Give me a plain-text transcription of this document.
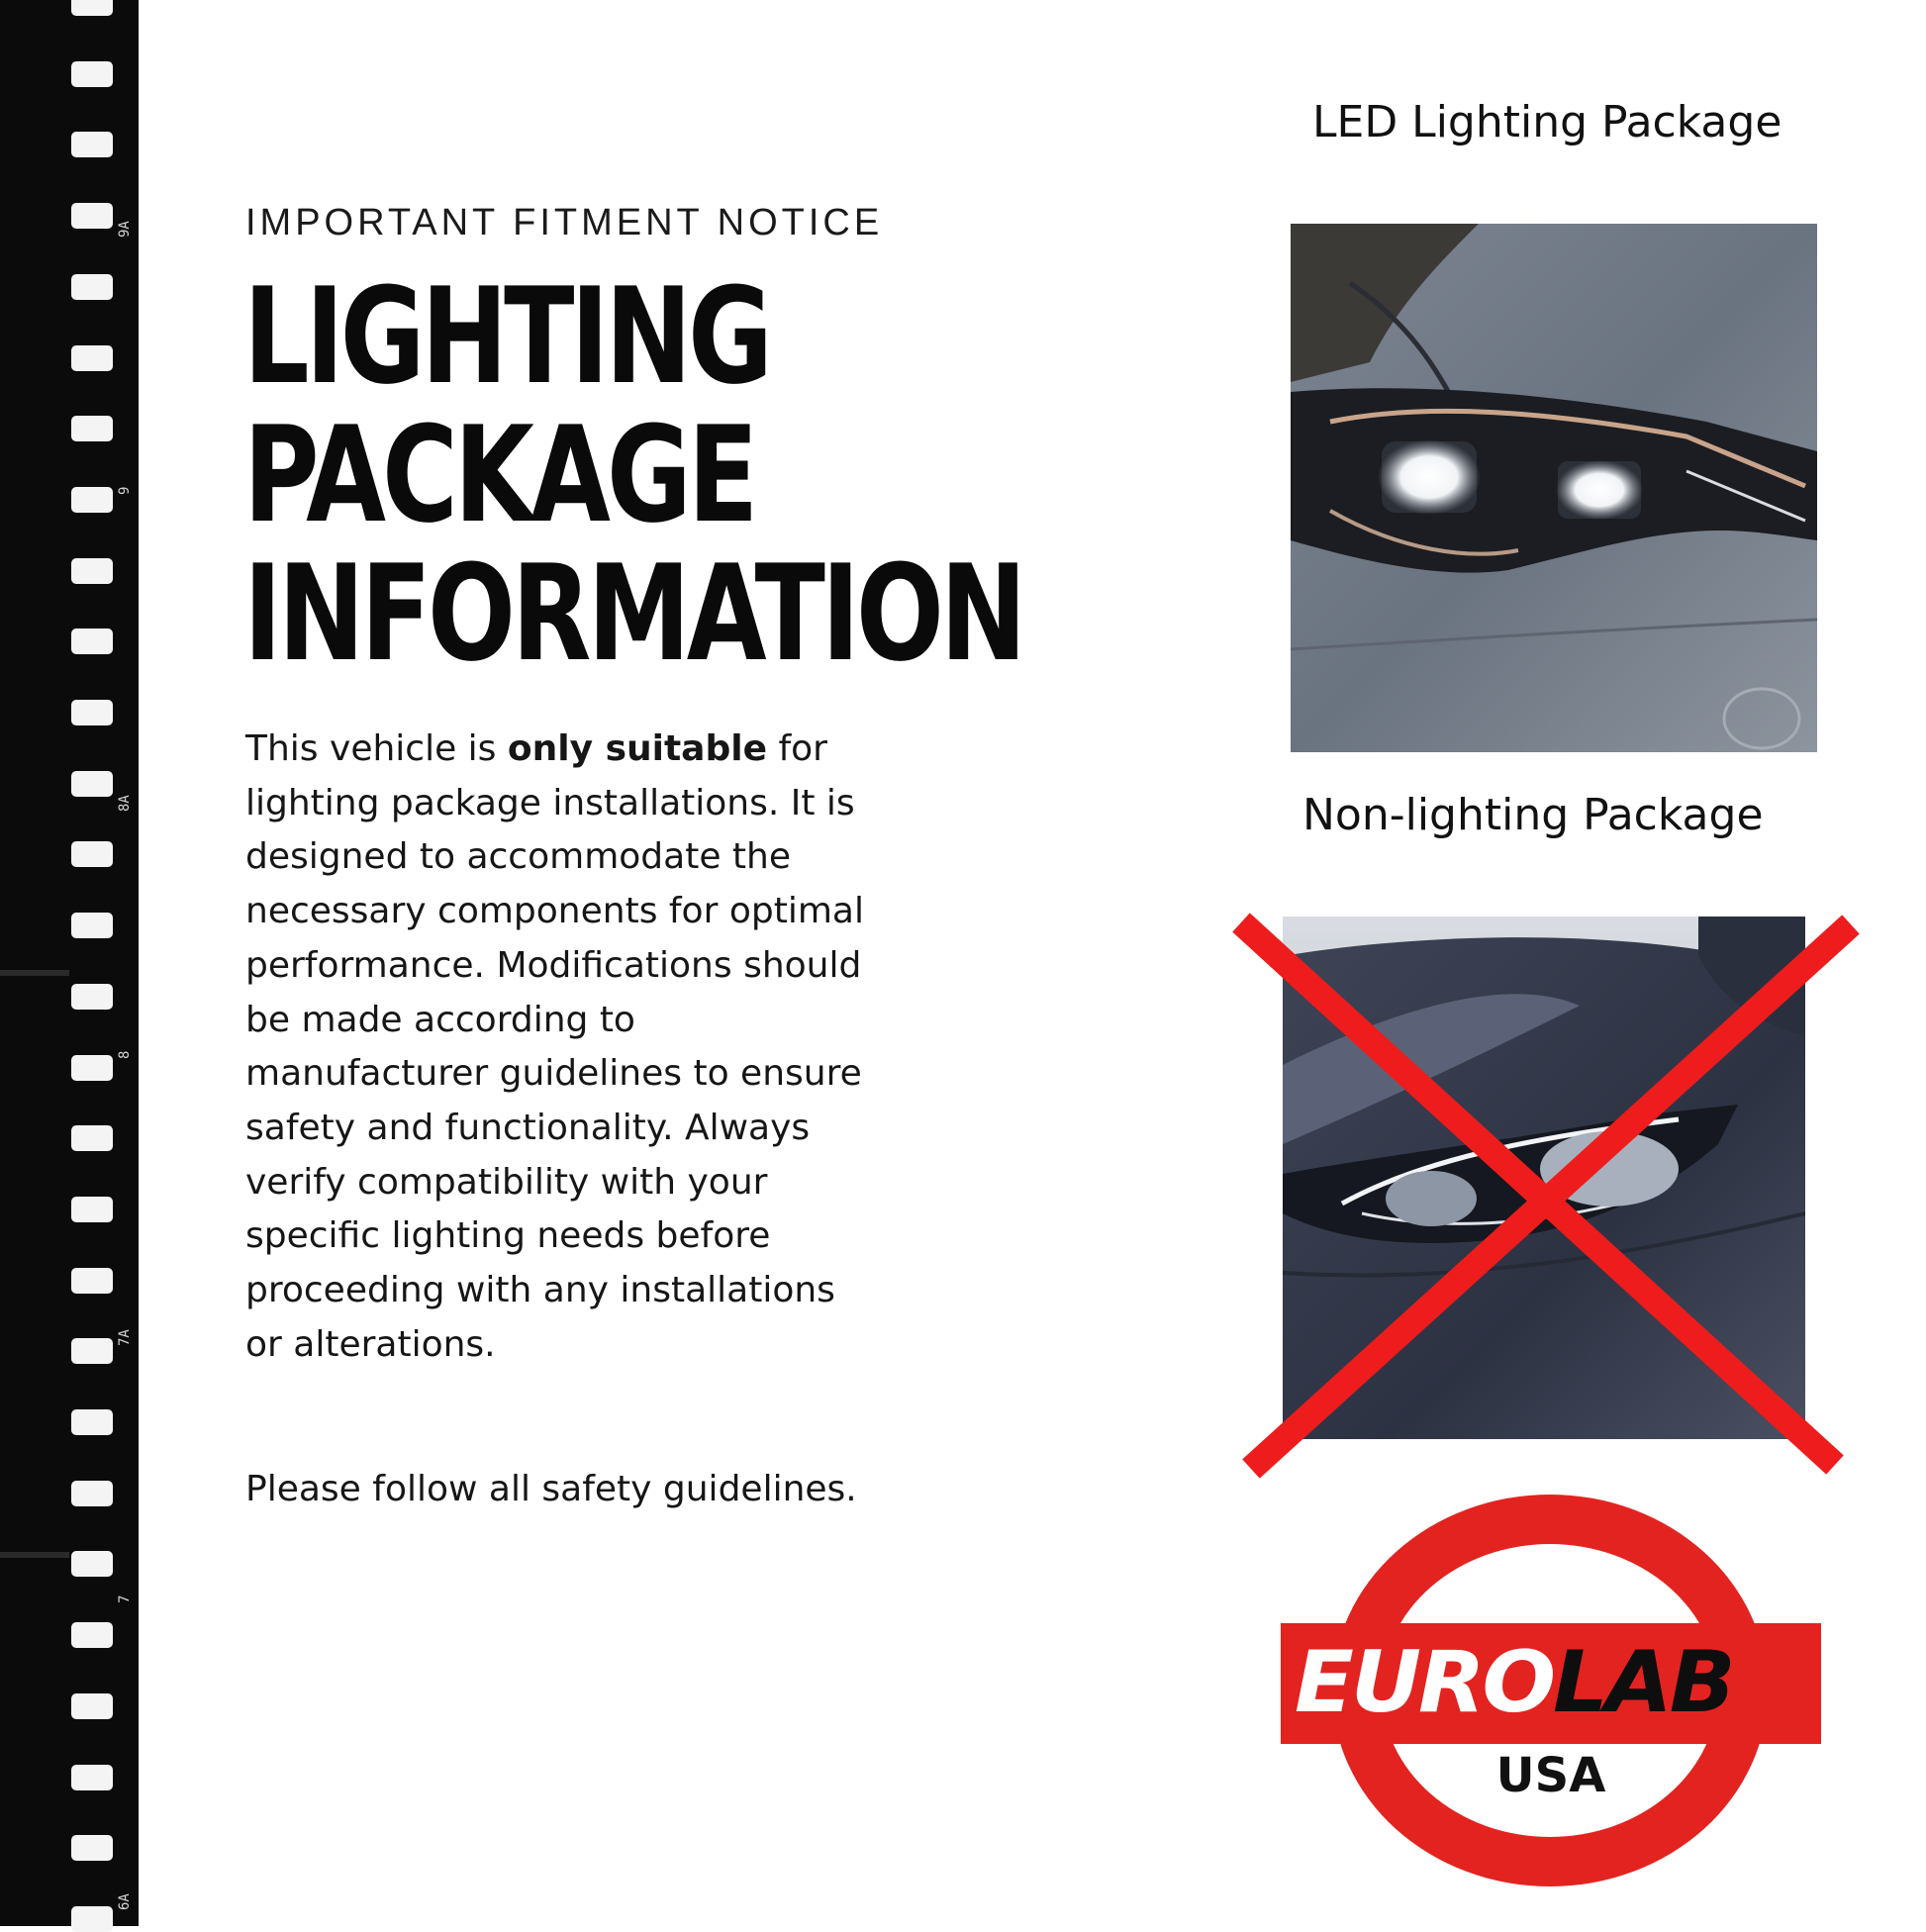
9A
9
8A
8
7A
7
6A

IMPORTANT FITMENT NOTICE

LIGHTING
PACKAGE
INFORMATION

This vehicle is only suitable for lighting package installations. It is designed to accommodate the necessary components for optimal performance. Modifications should be made according to manufacturer guidelines to ensure safety and functionality. Always verify compatibility with your specific lighting needs before proceeding with any installations or alterations.

Please follow all safety guidelines.

LED Lighting Package

Non-lighting Package

EUROLAB

USA
